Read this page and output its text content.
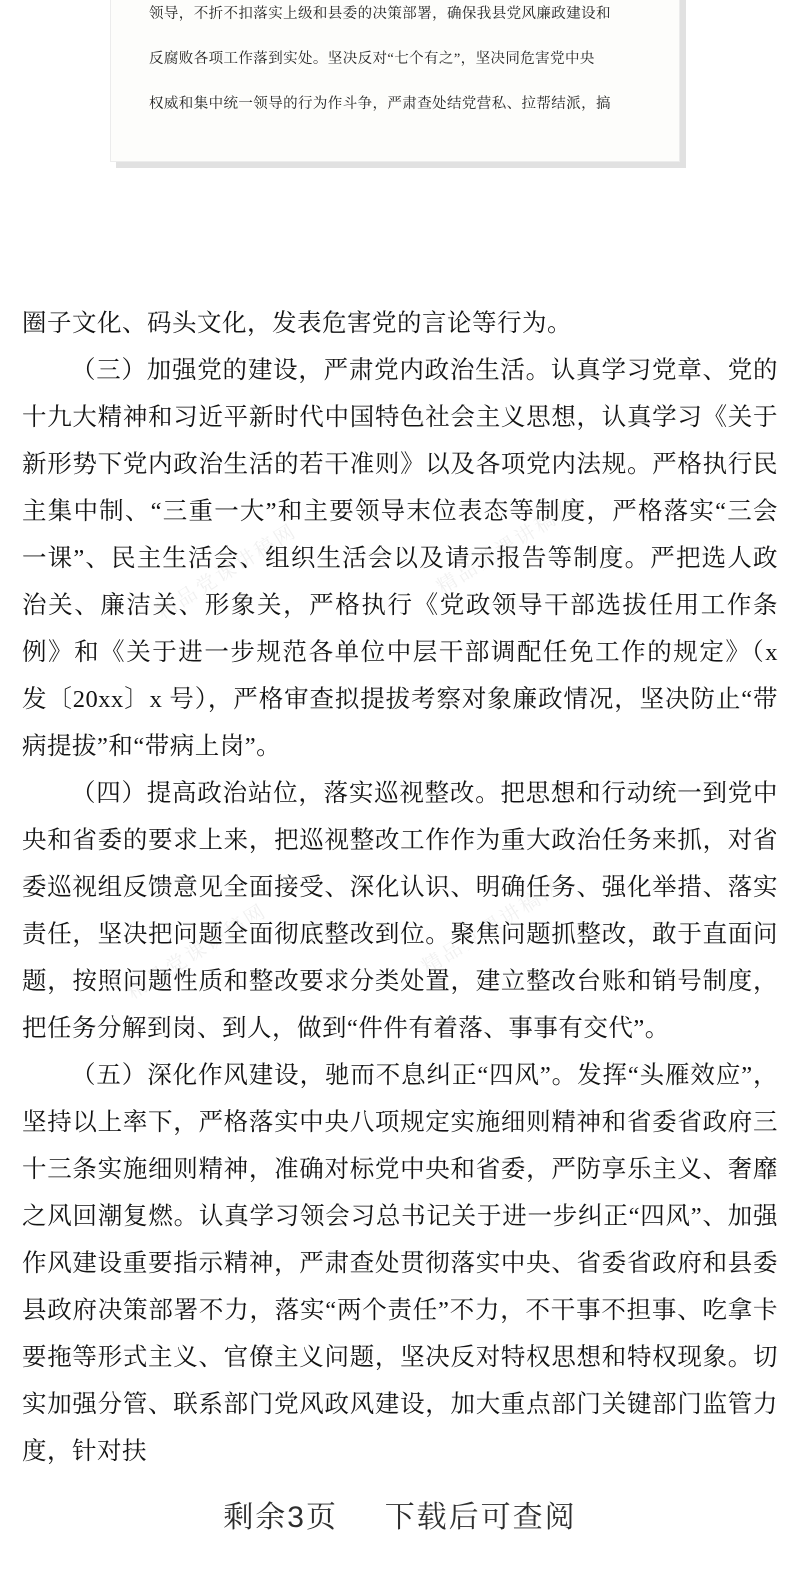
领导，不折不扣落实上级和县委的决策部署，确保我县党风廉政建设和

反腐败各项工作落到实处。坚决反对“七个有之”，坚决同危害党中央

权威和集中统一领导的行为作斗争，严肃查处结党营私、拉帮结派，搞

精品党课讲稿网	精品党课讲稿网
精品党课讲稿网	精品党课讲稿网

圈子文化、码头文化，发表危害党的言论等行为。

（三）加强党的建设，严肃党内政治生活。认真学习党章、党的十九大精神和习近平新时代中国特色社会主义思想，认真学习《关于新形势下党内政治生活的若干准则》以及各项党内法规。严格执行民主集中制、“三重一大”和主要领导末位表态等制度，严格落实“三会一课”、民主生活会、组织生活会以及请示报告等制度。严把选人政治关、廉洁关、形象关，严格执行《党政领导干部选拔任用工作条例》和《关于进一步规范各单位中层干部调配任免工作的规定》（x 发〔20xx〕x 号），严格审查拟提拔考察对象廉政情况，坚决防止“带病提拔”和“带病上岗”。

（四）提高政治站位，落实巡视整改。把思想和行动统一到党中央和省委的要求上来，把巡视整改工作作为重大政治任务来抓，对省委巡视组反馈意见全面接受、深化认识、明确任务、强化举措、落实责任，坚决把问题全面彻底整改到位。聚焦问题抓整改，敢于直面问题，按照问题性质和整改要求分类处置，建立整改台账和销号制度，把任务分解到岗、到人，做到“件件有着落、事事有交代”。

（五）深化作风建设，驰而不息纠正“四风”。发挥“头雁效应”，坚持以上率下，严格落实中央八项规定实施细则精神和省委省政府三十三条实施细则精神，准确对标党中央和省委，严防享乐主义、奢靡之风回潮复燃。认真学习领会习总书记关于进一步纠正“四风”、加强作风建设重要指示精神，严肃查处贯彻落实中央、省委省政府和县委县政府决策部署不力，落实“两个责任”不力，不干事不担事、吃拿卡要拖等形式主义、官僚主义问题，坚决反对特权思想和特权现象。切实加强分管、联系部门党风政风建设，加大重点部门关键部门监管力度，针对扶

剩余3页 下载后可查阅
